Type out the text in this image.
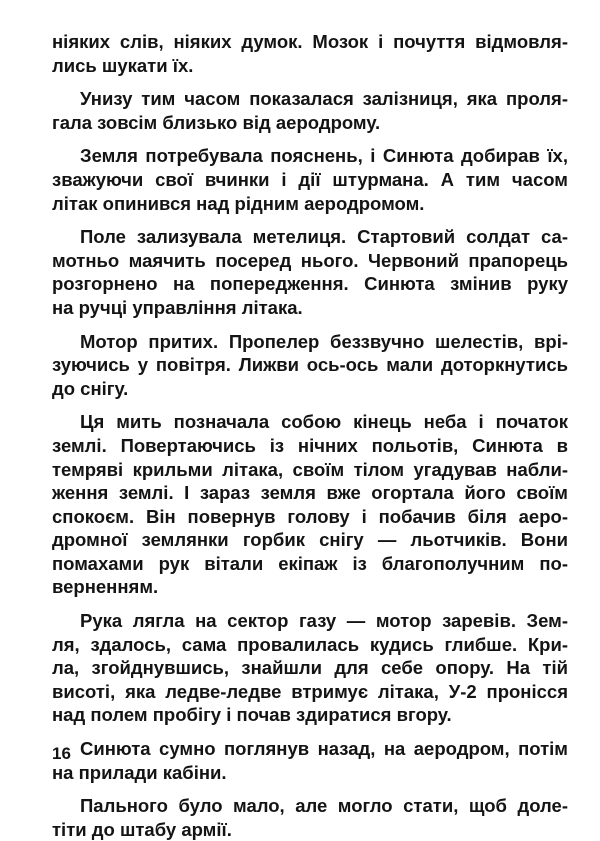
ніяких слів, ніяких думок. Мозок і почуття відмовля-
лись шукати їх.
Унизу тим часом показалася залізниця, яка проля-
гала зовсім близько від аеродрому.
Земля потребувала пояснень, і Синюта добирав їх,
зважуючи свої вчинки і дії штурмана. А тим часом
літак опинився над рідним аеродромом.
Поле зализувала метелиця. Стартовий солдат са-
мотньо маячить посеред нього. Червоний прапорець
розгорнено на попередження. Синюта змінив руку
на ручці управління літака.
Мотор притих. Пропелер беззвучно шелестів, врі-
зуючись у повітря. Лижви ось-ось мали доторкнутись
до снігу.
Ця мить позначала собою кінець неба і початок
землі. Повертаючись із нічних польотів, Синюта в
темряві крильми літака, своїм тілом угадував набли-
ження землі. І зараз земля вже огортала його своїм
спокоєм. Він повернув голову і побачив біля аеро-
дромної землянки горбик снігу — льотчиків. Вони
помахами рук вітали екіпаж із благополучним по-
верненням.
Рука лягла на сектор газу — мотор заревів. Зем-
ля, здалось, сама провалилась кудись глибше. Кри-
ла, згойднувшись, знайшли для себе опору. На тій
висоті, яка ледве-ледве втримує літака, У-2 пронісся
над полем пробігу і почав здиратися вгору.
Синюта сумно поглянув назад, на аеродром, потім
на прилади кабіни.
Пального було мало, але могло стати, щоб доле-
тіти до штабу армії.
16
